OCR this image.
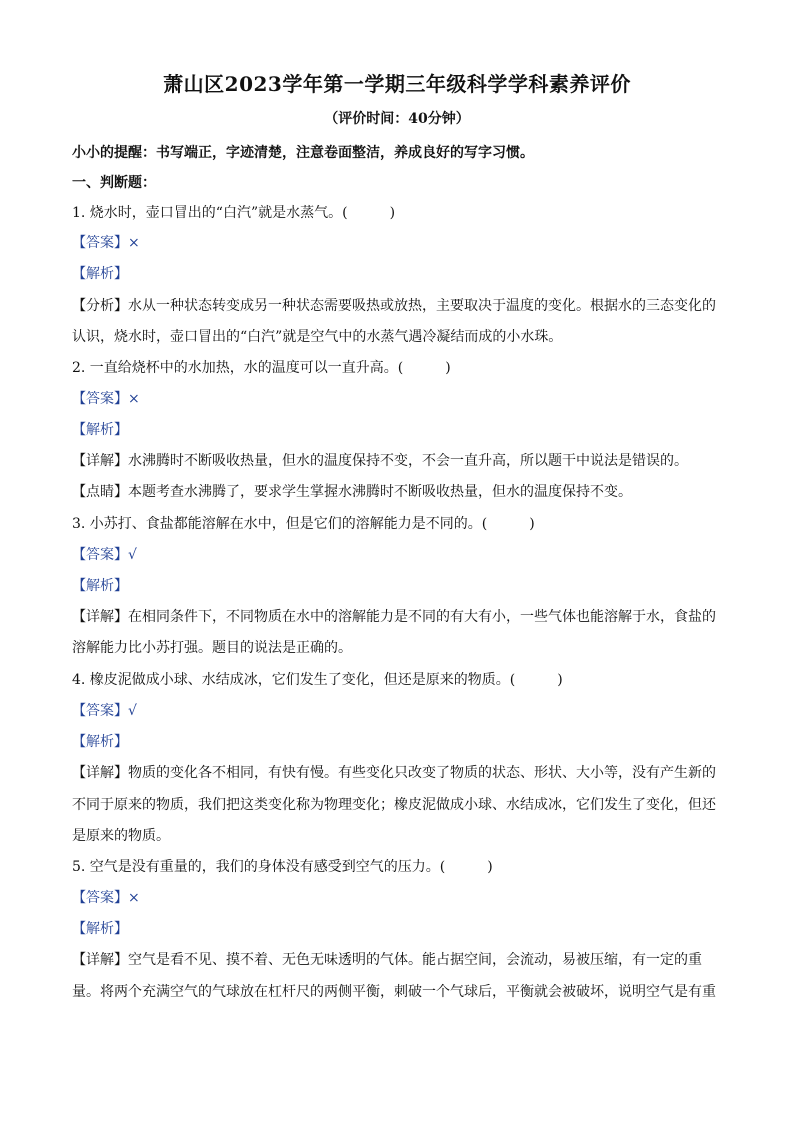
萧山区2023学年第一学期三年级科学学科素养评价
（评价时间：40分钟）
小小的提醒：书写端正，字迹清楚，注意卷面整洁，养成良好的写字习惯。
一、判断题：
1. 烧水时，壶口冒出的“白汽”就是水蒸气。(　　　)
【答案】×
【解析】
【分析】水从一种状态转变成另一种状态需要吸热或放热，主要取决于温度的变化。根据水的三态变化的
认识，烧水时，壶口冒出的“白汽”就是空气中的水蒸气遇冷凝结而成的小水珠。
2. 一直给烧杯中的水加热，水的温度可以一直升高。(　　　)
【答案】×
【解析】
【详解】水沸腾时不断吸收热量，但水的温度保持不变，不会一直升高，所以题干中说法是错误的。
【点睛】本题考查水沸腾了，要求学生掌握水沸腾时不断吸收热量，但水的温度保持不变。
3. 小苏打、食盐都能溶解在水中，但是它们的溶解能力是不同的。(　　　)
【答案】√
【解析】
【详解】在相同条件下，不同物质在水中的溶解能力是不同的有大有小，一些气体也能溶解于水，食盐的
溶解能力比小苏打强。题目的说法是正确的。
4. 橡皮泥做成小球、水结成冰，它们发生了变化，但还是原来的物质。(　　　)
【答案】√
【解析】
【详解】物质的变化各不相同，有快有慢。有些变化只改变了物质的状态、形状、大小等，没有产生新的
不同于原来的物质，我们把这类变化称为物理变化；橡皮泥做成小球、水结成冰，它们发生了变化，但还
是原来的物质。
5. 空气是没有重量的，我们的身体没有感受到空气的压力。(　　　)
【答案】×
【解析】
【详解】空气是看不见、摸不着、无色无味透明的气体。能占据空间，会流动，易被压缩，有一定的重
量。将两个充满空气的气球放在杠杆尺的两侧平衡，刺破一个气球后，平衡就会被破坏，说明空气是有重
